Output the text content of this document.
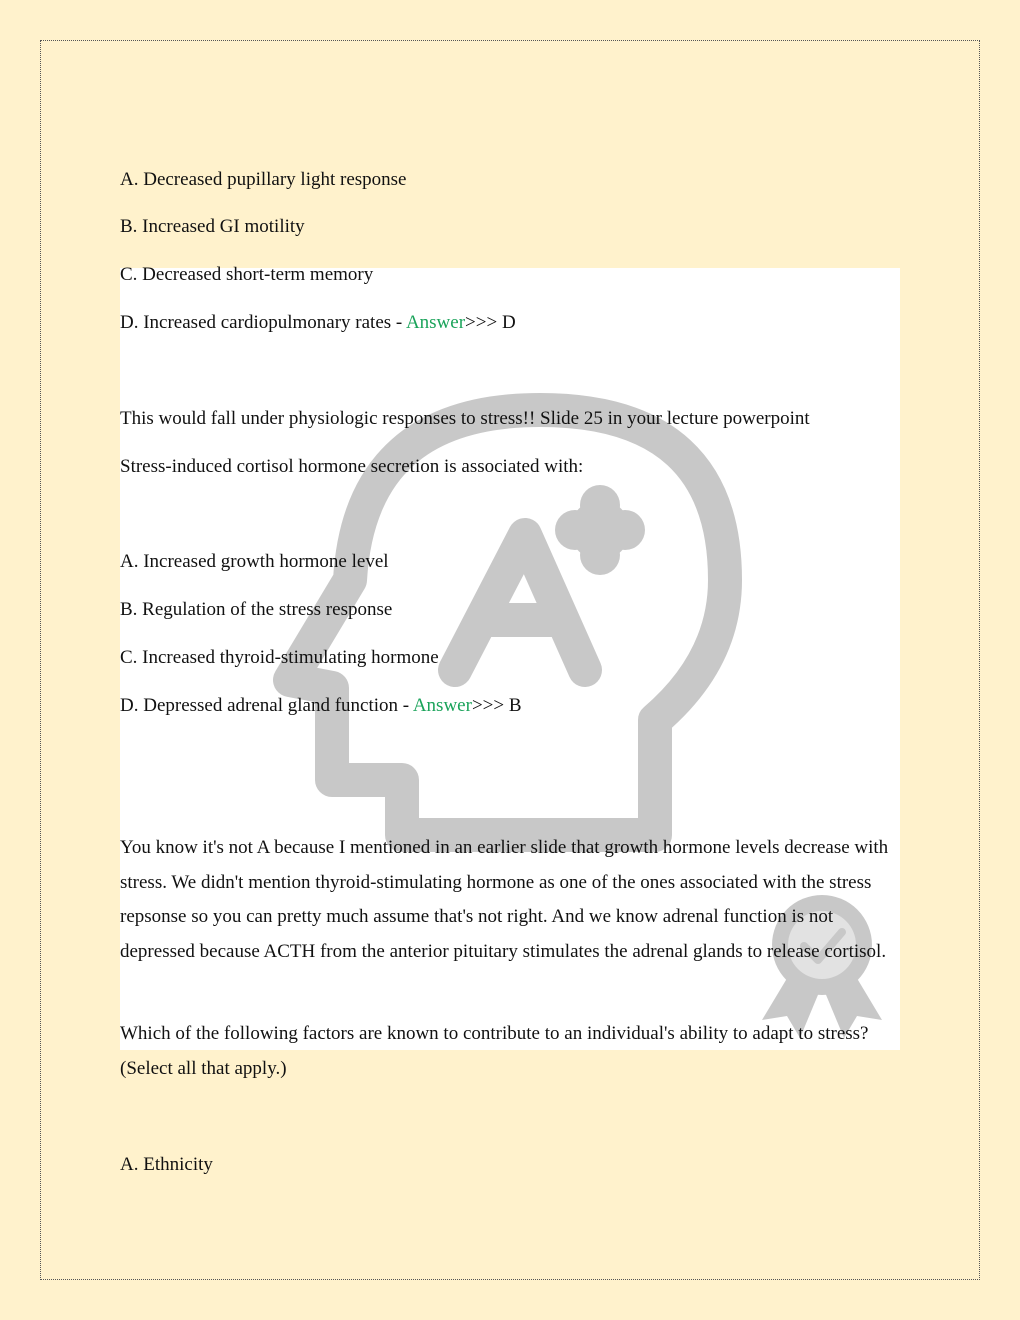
A. Decreased pupillary light response

B. Increased GI motility

C. Decreased short-term memory

D. Increased cardiopulmonary rates - Answer>>> D

This would fall under physiologic responses to stress!! Slide 25 in your lecture powerpoint

Stress-induced cortisol hormone secretion is associated with:

A. Increased growth hormone level

B. Regulation of the stress response

C. Increased thyroid-stimulating hormone

D. Depressed adrenal gland function - Answer>>> B

You know it's not A because I mentioned in an earlier slide that growth hormone levels decrease with stress. We didn't mention thyroid-stimulating hormone as one of the ones associated with the stress repsonse so you can pretty much assume that's not right. And we know adrenal function is not depressed because ACTH from the anterior pituitary stimulates the adrenal glands to release cortisol.

Which of the following factors are known to contribute to an individual's ability to adapt to stress? (Select all that apply.)

A. Ethnicity
